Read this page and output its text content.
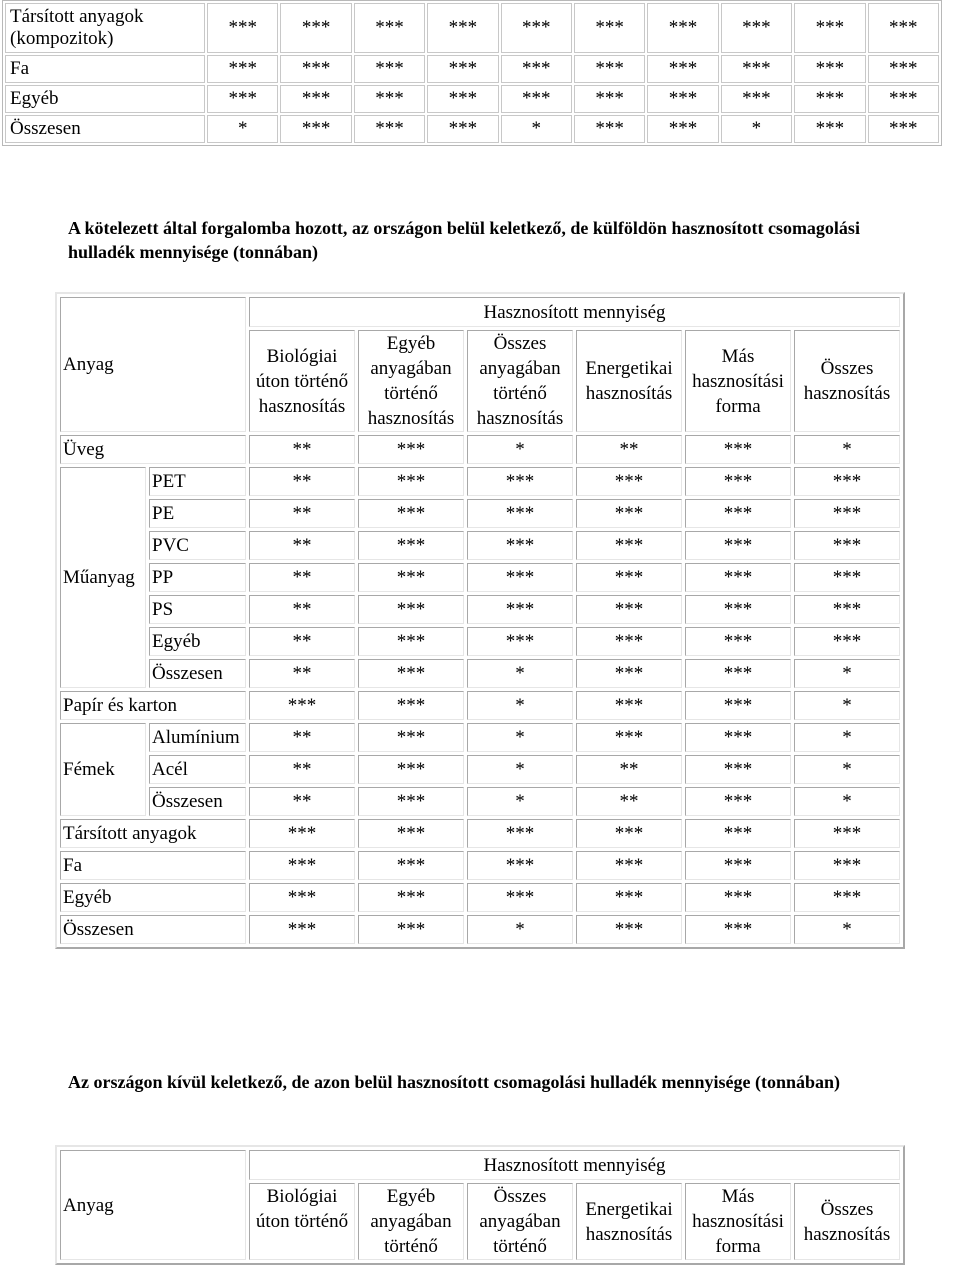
Társított anyagok (kompozitok)	***	***	***	***	***	***	***	***	***	***
Fa	***	***	***	***	***	***	***	***	***	***
Egyéb	***	***	***	***	***	***	***	***	***	***
Összesen	*	***	***	***	*	***	***	*	***	***
A kötelezett által forgalomba hozott, az országon belül keletkező, de külföldön hasznosított csomagolási hulladék mennyisége (tonnában)
Anyag		Hasznosított mennyiség					
		Biológiai úton történő hasznosítás	Egyéb anyagában történő hasznosítás	Összes anyagában történő hasznosítás	Energetikai hasznosítás	Más hasznosítási forma	Összes hasznosítás
Üveg		**	***	*	**	***	*
Műanyag	PET	**	***	***	***	***	***
	PE	**	***	***	***	***	***
	PVC	**	***	***	***	***	***
	PP	**	***	***	***	***	***
	PS	**	***	***	***	***	***
	Egyéb	**	***	***	***	***	***
	Összesen	**	***	*	***	***	*
Papír és karton		***	***	*	***	***	*
Fémek	Alumínium	**	***	*	***	***	*
	Acél	**	***	*	**	***	*
	Összesen	**	***	*	**	***	*
Társított anyagok		***	***	***	***	***	***
Fa		***	***	***	***	***	***
Egyéb		***	***	***	***	***	***
Összesen		***	***	*	***	***	*
Az országon kívül keletkező, de azon belül hasznosított csomagolási hulladék mennyisége (tonnában)
Anyag	Hasznosított mennyiség					
	Biológiai úton történő	Egyéb anyagában történő	Összes anyagában történő	Energetikai hasznosítás	Más hasznosítási forma	Összes hasznosítás
